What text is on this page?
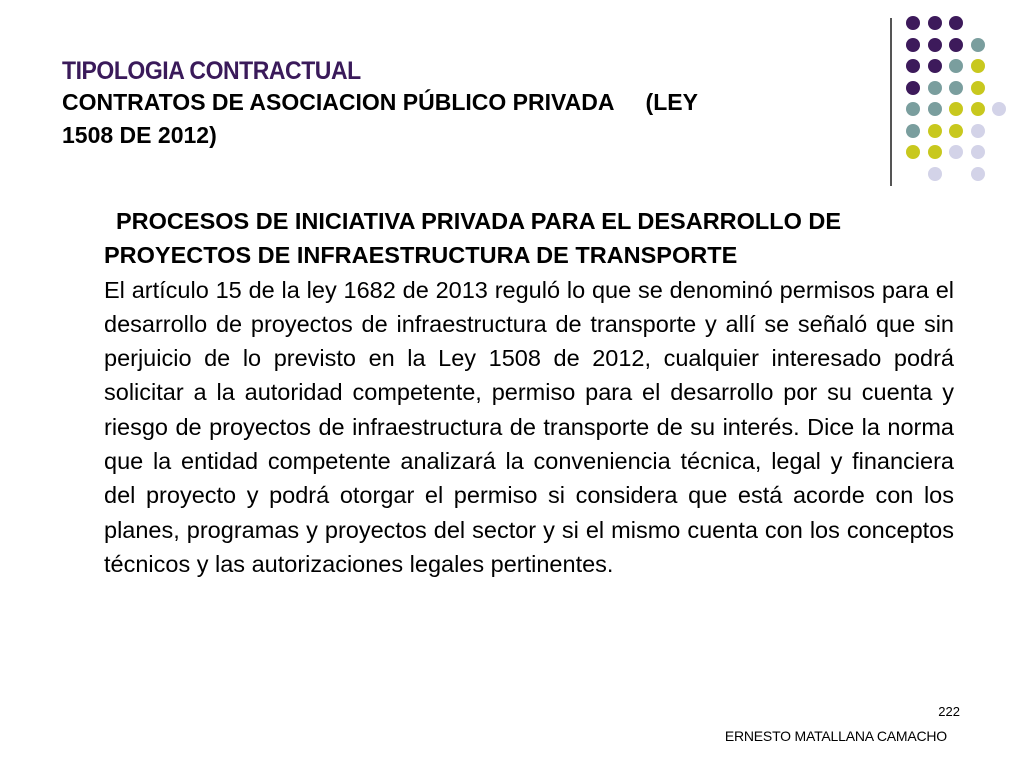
TIPOLOGIA CONTRACTUAL
CONTRATOS DE ASOCIACION PÚBLICO PRIVADA     (LEY
1508 DE 2012)

PROCESOS DE INICIATIVA PRIVADA PARA EL DESARROLLO DE PROYECTOS DE INFRAESTRUCTURA DE TRANSPORTE

El artículo 15 de la ley 1682 de 2013 reguló lo que se denominó permisos para el desarrollo de proyectos de infraestructura de transporte y allí se señaló que sin perjuicio de lo previsto en la Ley 1508 de 2012, cualquier interesado podrá solicitar a la autoridad competente, permiso para el desarrollo por su cuenta y riesgo de proyectos de infraestructura de transporte de su interés. Dice la norma que la entidad competente analizará la conveniencia técnica, legal y financiera del proyecto y podrá otorgar el permiso si considera que está acorde con los planes, programas y proyectos del sector y si el mismo cuenta con los conceptos técnicos y las autorizaciones legales pertinentes.

222
ERNESTO MATALLANA CAMACHO
